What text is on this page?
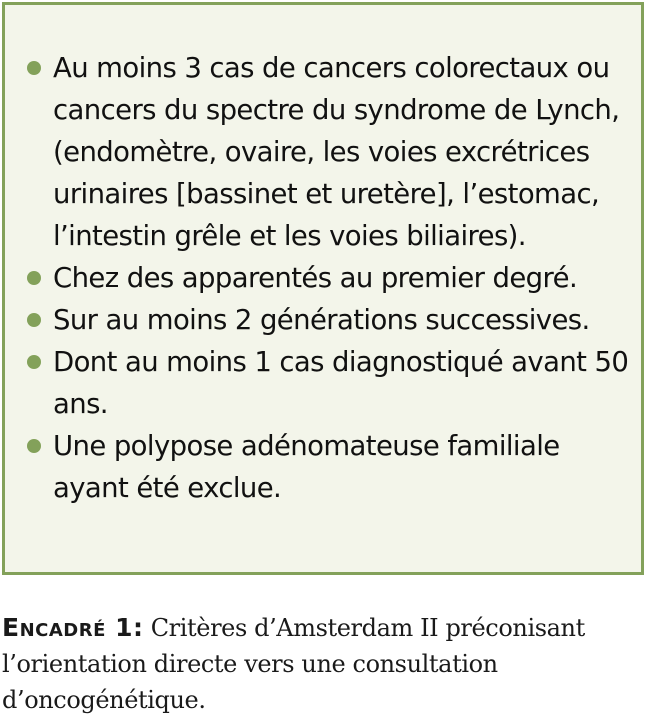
Au moins 3 cas de cancers colorectaux ou cancers du spectre du syndrome de Lynch, (endomètre, ovaire, les voies excrétrices urinaires [bassinet et uretère], l’estomac, l’intestin grêle et les voies biliaires).
Chez des apparentés au premier degré.
Sur au moins 2 générations successives.
Dont au moins 1 cas diagnostiqué avant 50 ans.
Une polypose adénomateuse familiale ayant été exclue.

Encadré 1: Critères d’Amsterdam II préconisant l’orientation directe vers une consultation d’oncogénétique.
